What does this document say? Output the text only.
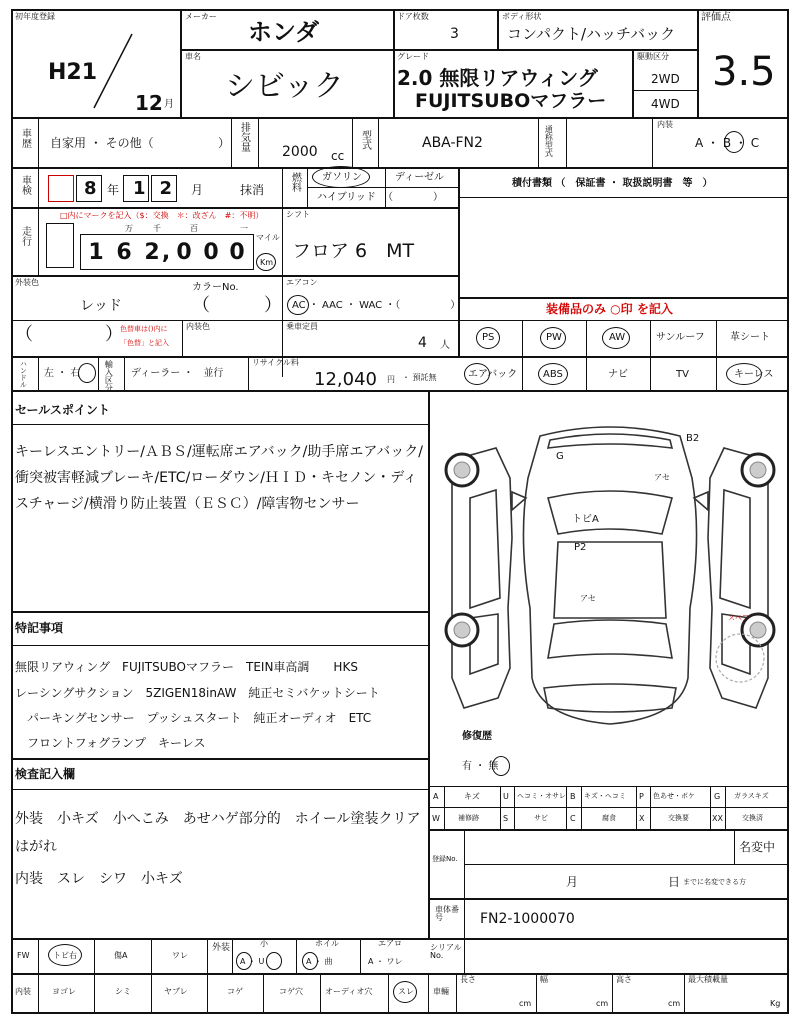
初年度登録
H21
12 月
メーカー
ホンダ
ドア枚数
3
ボディ形状
コンパクト/ハッチバック
評価点
3.5
車名
シビック
グレード
2.0 無限リアウィング
FUJITSUBOマフラー
駆動区分
2WD
4WD
車歴 自家用 ・ その他（	） 排気量 2000 cc
型式	ABA-FN2	通称型式
内装
A ・ B ・ C
車検	8 年 12 月	抹消	燃料 ガソリン	ディーゼル
ハイブリッド （　　　　）
積付書類 （　保証書 ・ 取扱説明書　等　）
走行
□内にマークを記入（$：交換　＊：改ざん　#：不明）
万	千	百	一
1 6 2 , 0 0 0
マイル
Km
シフト
フロア 6　MT
外装色
レッド
カラーNo.
（　　　）
エアコン
AC ・ AAC ・ WAC ・（　　　　　）	装備品のみ ○印 を記入
（　　　　）
色替車は()内に
「色替」と記入
内装色	乗車定員
4 人
PS	PW	AW	サンルーフ	革シート
エアバック	ABS	ナビ	TV	キーレス
ハンドル 左 ・ 右	輸入区分 ディーラー ・　並行
リサイクル料
12,040 円 ・ 預託無
セールスポイント
キーレスエントリー/ＡＢＳ/運転席エアバック/助手席エアバック/衝突被害軽減ブレーキ/ETC/ローダウン/ＨＩＤ・キセノン・ディスチャージ/横滑り防止装置（ＥＳＣ）/障害物センサー
特記事項
無限リアウィング　FUJITSUBOマフラー　TEIN車高調　　HKS
レーシングサクション　5ZIGEN18inAW　純正セミバケットシート
　パーキングセンサー　プッシュスタート　純正オーディオ　ETC
　フロントフォグランプ　キーレス
検査記入欄
外装　小キズ　小へこみ　あせハゲ部分的　ホイール塗装クリアはがれ
内装　スレ　シワ　小キズ
B2
G
アセ
トビA
P2
アセ
スペア
修復歴
有 ・ 無
A	キズ	U ヘコミ・オサレ B キズ・ヘコミ P 色あせ・ボケ G ガラスキズ
W	補修跡	S	サビ	C	腐食	X	交換要	XX	交換済
登録No.
名変中
月	日 までに名変できる方
車体番号	FN2-1000070
FW	トビ右	傷A	ワレ
外装	小
A ・ U
ホイル
A ・ 曲
エアロ
A ・ ワレ
シリアルNo.
内装	ヨゴレ	シミ	ヤブレ	コゲ	コゲ穴	オーディオ穴	スレ 車輛
長さ
cm
幅
cm
高さ
cm
最大積載量
Kg
